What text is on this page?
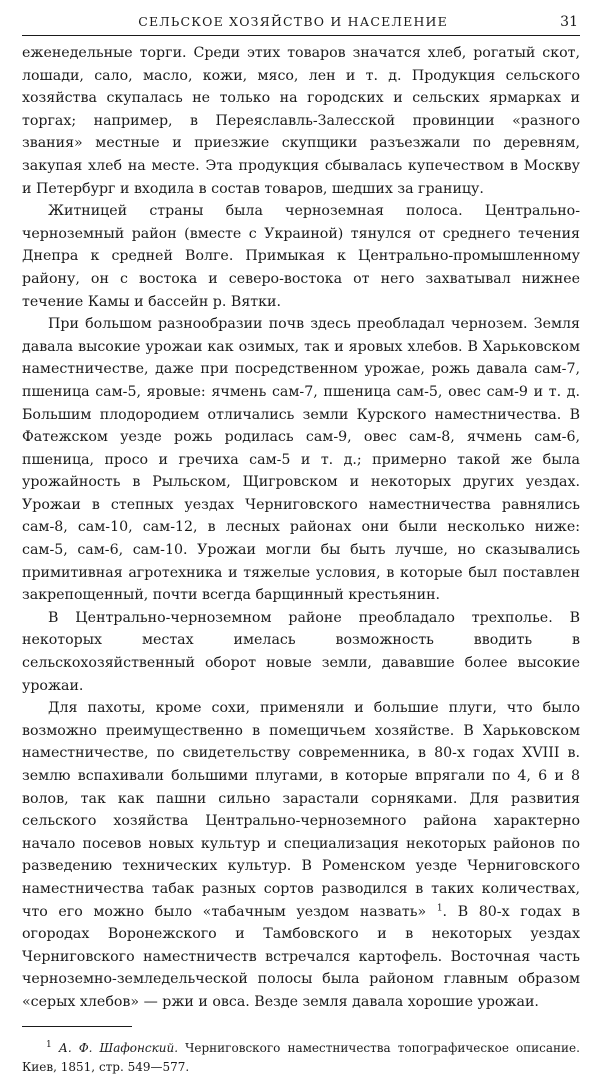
СЕЛЬСКОЕ ХОЗЯЙСТВО И НАСЕЛЕНИЕ	31

еженедельные торги. Среди этих товаров значатся хлеб, рогатый скот, лошади, сало, масло, кожи, мясо, лен и т. д. Продукция сельского хозяйства скупалась не только на городских и сельских ярмарках и торгах; например, в Переяславль-Залесской провинции «разного звания» местные и приезжие скупщики разъезжали по деревням, закупая хлеб на месте. Эта продукция сбывалась купечеством в Москву и Петербург и входила в состав товаров, шедших за границу.

Житницей страны была черноземная полоса. Центрально-черноземный район (вместе с Украиной) тянулся от среднего течения Днепра к средней Волге. Примыкая к Центрально-промышленному району, он с востока и северо-востока от него захватывал нижнее течение Камы и бассейн р. Вятки.

При большом разнообразии почв здесь преобладал чернозем. Земля давала высокие урожаи как озимых, так и яровых хлебов. В Харьковском наместничестве, даже при посредственном урожае, рожь давала сам-7, пшеница сам-5, яровые: ячмень сам-7, пшеница сам-5, овес сам-9 и т. д. Большим плодородием отличались земли Курского наместничества. В Фатежском уезде рожь родилась сам-9, овес сам-8, ячмень сам-6, пшеница, просо и гречиха сам-5 и т. д.; примерно такой же была урожайность в Рыльском, Щигровском и некоторых других уездах. Урожаи в степных уездах Черниговского наместничества равнялись сам-8, сам-10, сам-12, в лесных районах они были несколько ниже: сам-5, сам-6, сам-10. Урожаи могли бы быть лучше, но сказывались примитивная агротехника и тяжелые условия, в которые был поставлен закрепощенный, почти всегда барщинный крестьянин.

В Центрально-черноземном районе преобладало трехполье. В некоторых местах имелась возможность вводить в сельскохозяйственный оборот новые земли, дававшие более высокие урожаи.

Для пахоты, кроме сохи, применяли и большие плуги, что было возможно преимущественно в помещичьем хозяйстве. В Харьковском наместничестве, по свидетельству современника, в 80-х годах XVIII в. землю вспахивали большими плугами, в которые впрягали по 4, 6 и 8 волов, так как пашни сильно зарастали сорняками. Для развития сельского хозяйства Центрально-черноземного района характерно начало посевов новых культур и специализация некоторых районов по разведению технических культур. В Роменском уезде Черниговского наместничества табак разных сортов разводился в таких количествах, что его можно было «табачным уездом назвать» $^1$. В 80-х годах в огородах Воронежского и Тамбовского и в некоторых уездах Черниговского наместничеств встречался картофель. Восточная часть черноземно-земледельческой полосы была районом главным образом «серых хлебов» — ржи и овса. Везде земля давала хорошие урожаи.

$^1$ А. Ф. Шафонский. Черниговского наместничества топографическое описание. Киев, 1851, стр. 549—577.
